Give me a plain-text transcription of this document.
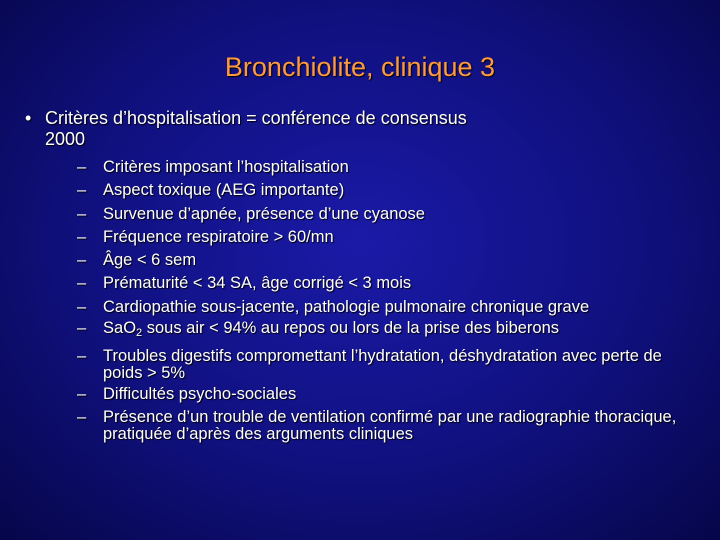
Bronchiolite, clinique 3
• Critères d’hospitalisation = conférence de consensus
2000
– Critères imposant l’hospitalisation
– Aspect toxique (AEG importante)
– Survenue d’apnée, présence d’une cyanose
– Fréquence respiratoire > 60/mn
– Âge < 6 sem
– Prématurité < 34 SA, âge corrigé < 3 mois
– Cardiopathie sous-jacente, pathologie pulmonaire chronique grave
– SaO$_2$ sous air < 94% au repos ou lors de la prise des biberons
– Troubles digestifs compromettant l’hydratation, déshydratation avec perte de poids > 5%
– Difficultés psycho-sociales
– Présence d’un trouble de ventilation confirmé par une radiographie thoracique, pratiquée d’après des arguments cliniques
